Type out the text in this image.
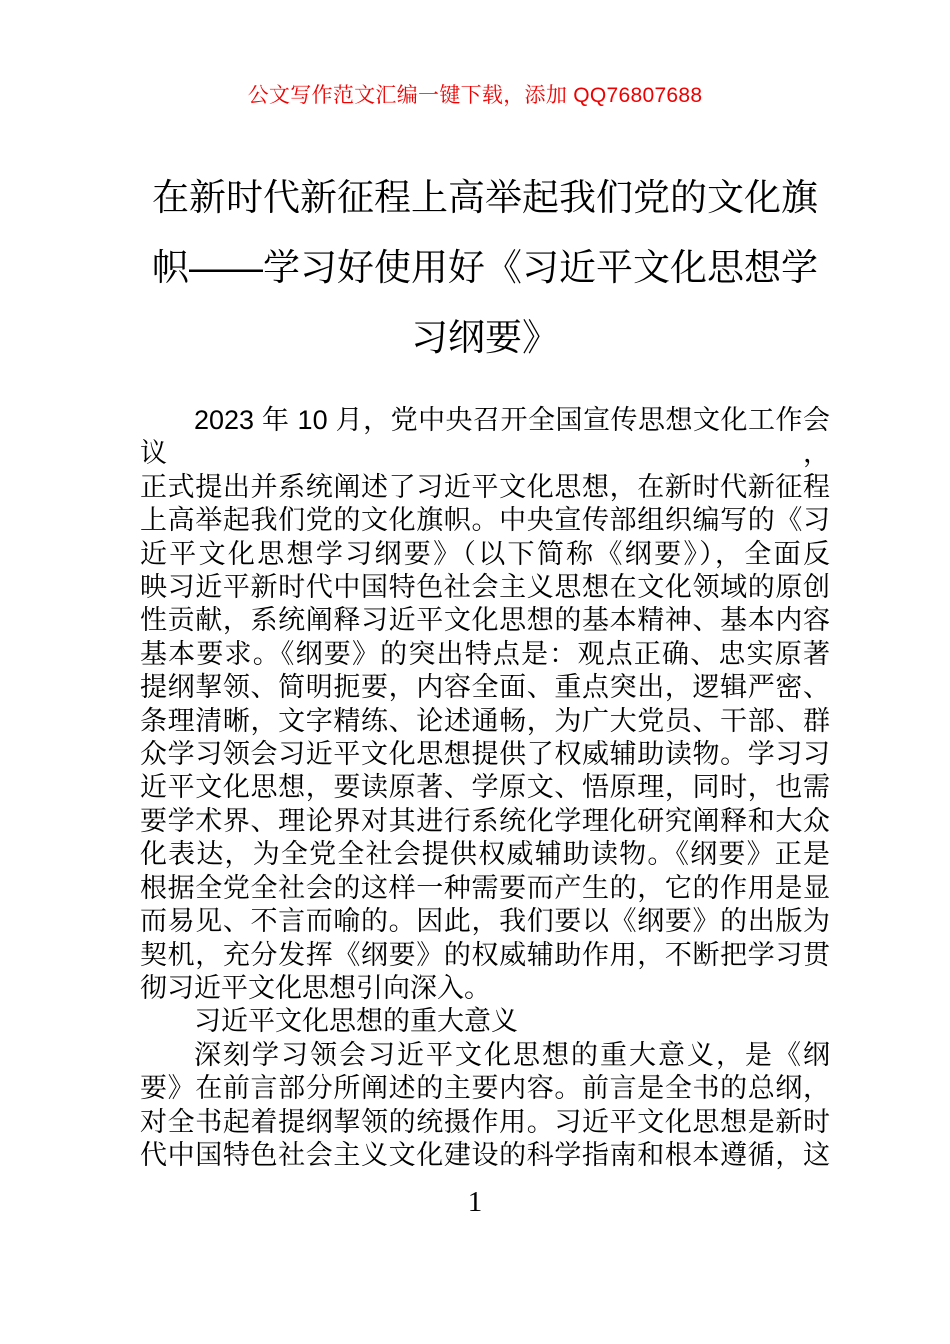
公文写作范文汇编一键下载，添加 QQ76807688
在新时代新征程上高举起我们党的文化旗
帜——学习好使用好《习近平文化思想学
习纲要》
2023 年 10 月，党中央召开全国宣传思想文化工作会议，
正式提出并系统阐述了习近平文化思想，在新时代新征程
上高举起我们党的文化旗帜。中央宣传部组织编写的《习
近平文化思想学习纲要》（以下简称《纲要》），全面反
映习近平新时代中国特色社会主义思想在文化领域的原创
性贡献，系统阐释习近平文化思想的基本精神、基本内容
基本要求。《纲要》的突出特点是：观点正确、忠实原著
提纲挈领、简明扼要，内容全面、重点突出，逻辑严密、
条理清晰，文字精练、论述通畅，为广大党员、干部、群
众学习领会习近平文化思想提供了权威辅助读物。学习习
近平文化思想，要读原著、学原文、悟原理，同时，也需
要学术界、理论界对其进行系统化学理化研究阐释和大众
化表达，为全党全社会提供权威辅助读物。《纲要》正是
根据全党全社会的这样一种需要而产生的，它的作用是显
而易见、不言而喻的。因此，我们要以《纲要》的出版为
契机，充分发挥《纲要》的权威辅助作用，不断把学习贯
彻习近平文化思想引向深入。
习近平文化思想的重大意义
深刻学习领会习近平文化思想的重大意义，是《纲
要》在前言部分所阐述的主要内容。前言是全书的总纲，
对全书起着提纲挈领的统摄作用。习近平文化思想是新时
代中国特色社会主义文化建设的科学指南和根本遵循，这
1
